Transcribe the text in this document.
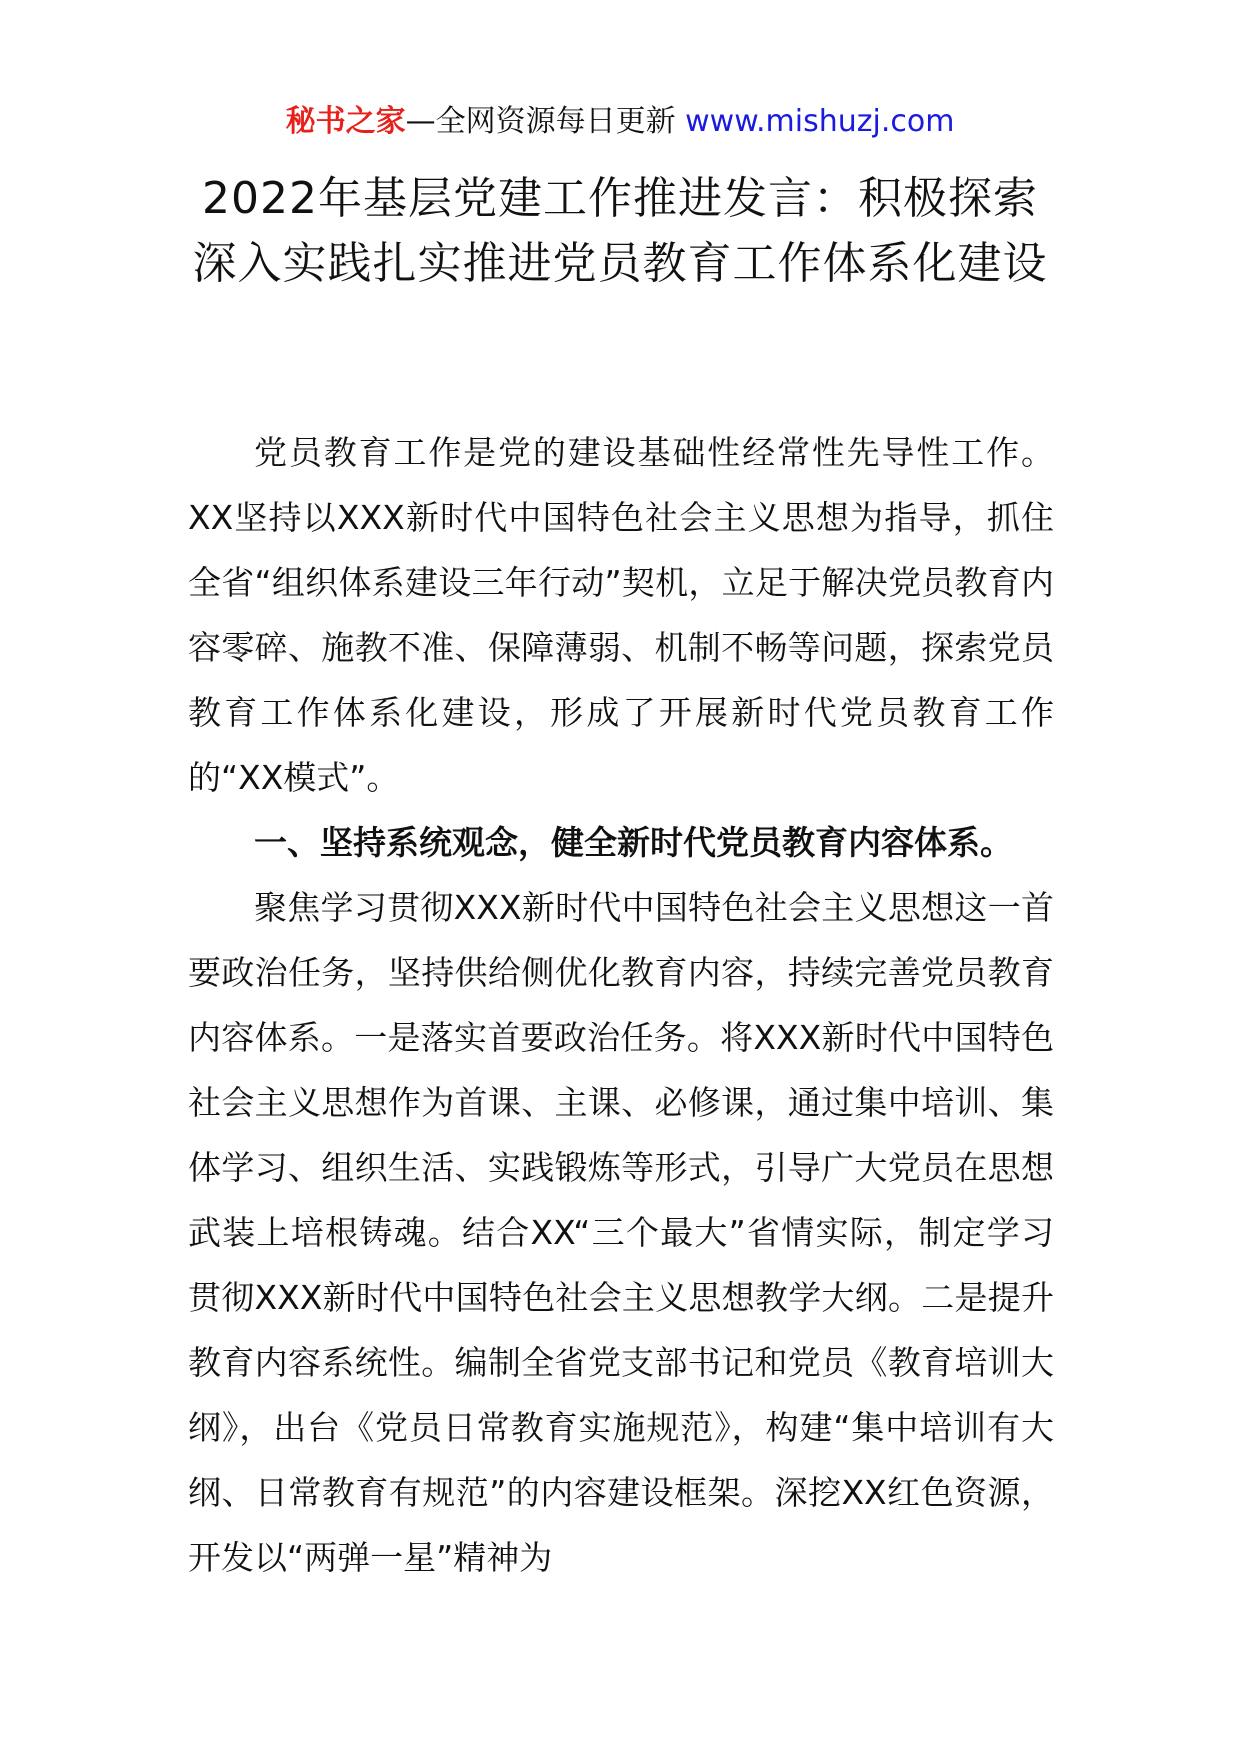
秘书之家—全网资源每日更新 www.mishuzj.com
2022年基层党建工作推进发言：积极探索深入实践扎实推进党员教育工作体系化建设

党员教育工作是党的建设基础性经常性先导性工作。XX坚持以XXX新时代中国特色社会主义思想为指导，抓住全省“组织体系建设三年行动”契机，立足于解决党员教育内容零碎、施教不准、保障薄弱、机制不畅等问题，探索党员教育工作体系化建设，形成了开展新时代党员教育工作的“XX模式”。

一、坚持系统观念，健全新时代党员教育内容体系。

聚焦学习贯彻XXX新时代中国特色社会主义思想这一首要政治任务，坚持供给侧优化教育内容，持续完善党员教育内容体系。一是落实首要政治任务。将XXX新时代中国特色社会主义思想作为首课、主课、必修课，通过集中培训、集体学习、组织生活、实践锻炼等形式，引导广大党员在思想武装上培根铸魂。结合XX“三个最大”省情实际，制定学习贯彻XXX新时代中国特色社会主义思想教学大纲。二是提升教育内容系统性。编制全省党支部书记和党员《教育培训大纲》，出台《党员日常教育实施规范》，构建“集中培训有大纲、日常教育有规范”的内容建设框架。深挖XX红色资源，开发以“两弹一星”精神为
